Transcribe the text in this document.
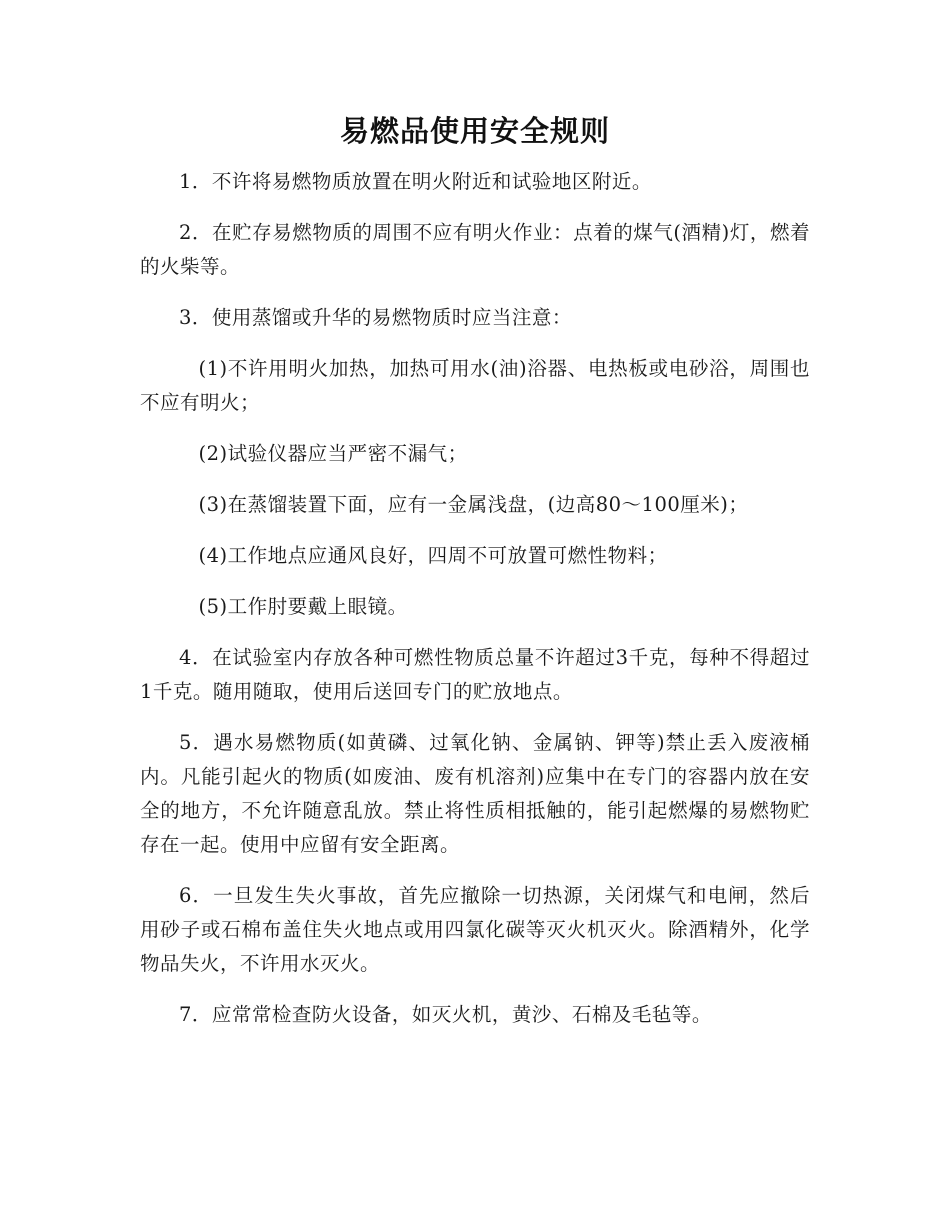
易燃品使用安全规则

1．不许将易燃物质放置在明火附近和试验地区附近。

2．在贮存易燃物质的周围不应有明火作业：点着的煤气(酒精)灯，燃着的火柴等。

3．使用蒸馏或升华的易燃物质时应当注意：

(1)不许用明火加热，加热可用水(油)浴器、电热板或电砂浴，周围也不应有明火；

(2)试验仪器应当严密不漏气；

(3)在蒸馏装置下面，应有一金属浅盘，(边高80～100厘米)；

(4)工作地点应通风良好，四周不可放置可燃性物料；

(5)工作肘要戴上眼镜。

4．在试验室内存放各种可燃性物质总量不许超过3千克，每种不得超过1千克。随用随取，使用后送回专门的贮放地点。

5．遇水易燃物质(如黄磷、过氧化钠、金属钠、钾等)禁止丢入废液桶内。凡能引起火的物质(如废油、废有机溶剂)应集中在专门的容器内放在安全的地方，不允许随意乱放。禁止将性质相抵触的，能引起燃爆的易燃物贮存在一起。使用中应留有安全距离。

6．一旦发生失火事故，首先应撤除一切热源，关闭煤气和电闸，然后用砂子或石棉布盖住失火地点或用四氯化碳等灭火机灭火。除酒精外，化学物品失火，不许用水灭火。

7．应常常检查防火设备，如灭火机，黄沙、石棉及毛毡等。
